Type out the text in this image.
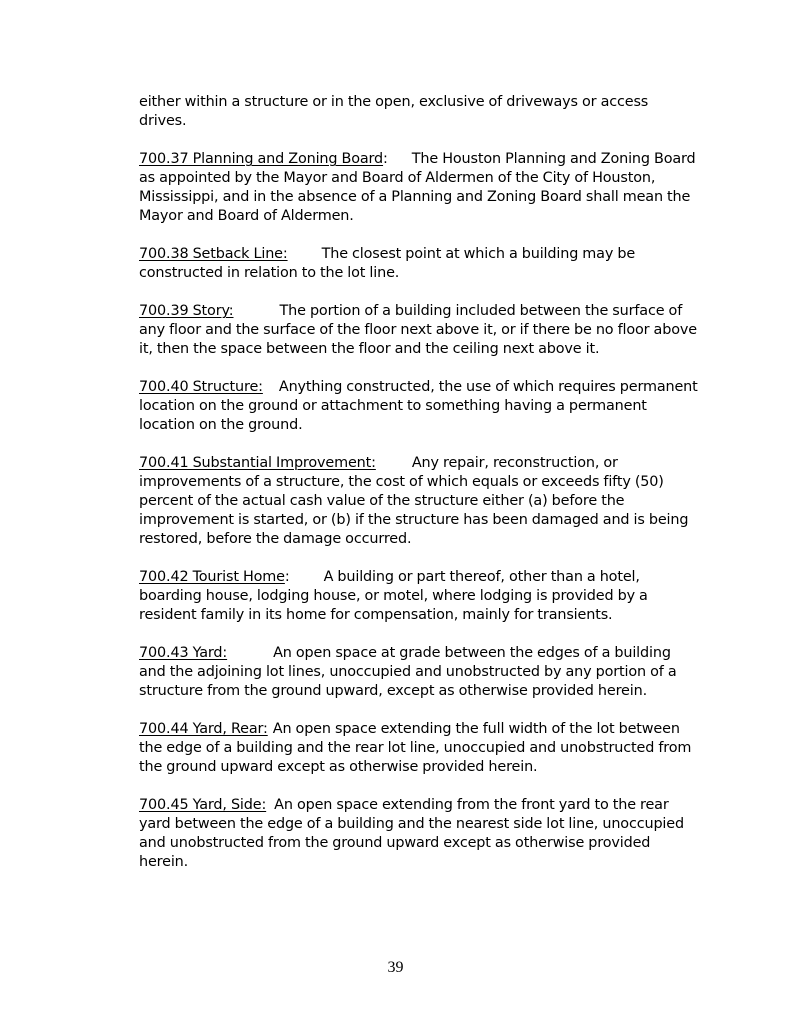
either within a structure or in the open, exclusive of driveways or access drives.

700.37 Planning and Zoning Board: The Houston Planning and Zoning Board as appointed by the Mayor and Board of Aldermen of the City of Houston, Mississippi, and in the absence of a Planning and Zoning Board shall mean the Mayor and Board of Aldermen.

700.38 Setback Line: The closest point at which a building may be constructed in relation to the lot line.

700.39 Story:	The portion of a building included between the surface of any floor and the surface of the floor next above it, or if there be no floor above it, then the space between the floor and the ceiling next above it.

700.40 Structure: Anything constructed, the use of which requires permanent location on the ground or attachment to something having a permanent location on the ground.

700.41 Substantial Improvement:	Any repair, reconstruction, or improvements of a structure, the cost of which equals or exceeds fifty (50) percent of the actual cash value of the structure either (a) before the improvement is started, or (b) if the structure has been damaged and is being restored, before the damage occurred.

700.42 Tourist Home: A building or part thereof, other than a hotel, boarding house, lodging house, or motel, where lodging is provided by a resident family in its home for compensation, mainly for transients.

700.43 Yard:	An open space at grade between the edges of a building and the adjoining lot lines, unoccupied and unobstructed by any portion of a structure from the ground upward, except as otherwise provided herein.

700.44 Yard, Rear: An open space extending the full width of the lot between the edge of a building and the rear lot line, unoccupied and unobstructed from the ground upward except as otherwise provided herein.

700.45 Yard, Side: An open space extending from the front yard to the rear yard between the edge of a building and the nearest side lot line, unoccupied and unobstructed from the ground upward except as otherwise provided herein.

39
